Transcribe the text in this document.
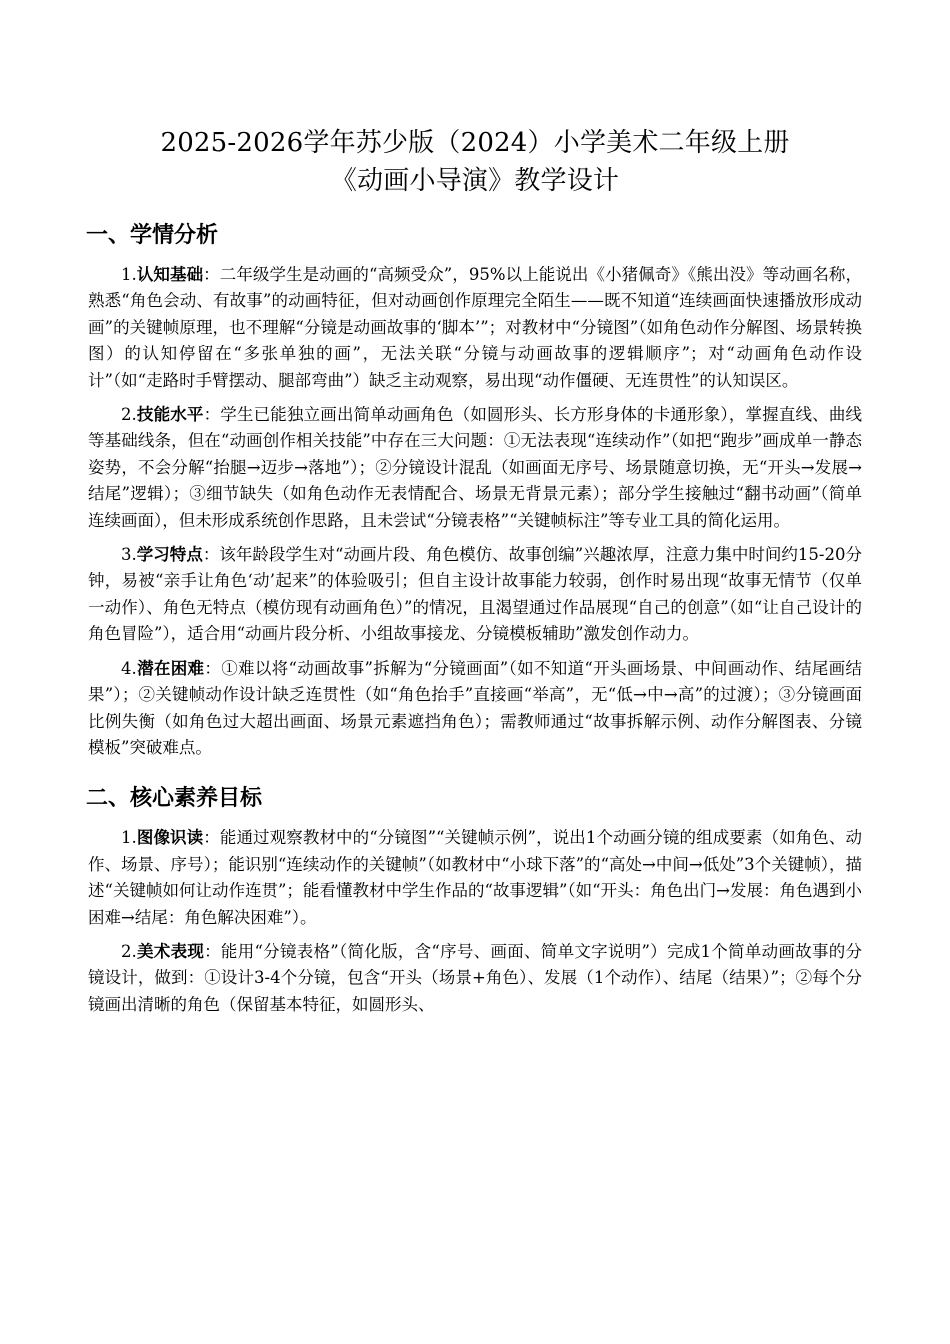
2025-2026学年苏少版（2024）小学美术二年级上册
《动画小导演》教学设计
一、学情分析

1.认知基础：二年级学生是动画的“高频受众”，95%以上能说出《小猪佩奇》《熊出没》等动画名称，熟悉“角色会动、有故事”的动画特征，但对动画创作原理完全陌生——既不知道“连续画面快速播放形成动画”的关键帧原理，也不理解“分镜是动画故事的‘脚本’”；对教材中“分镜图”（如角色动作分解图、场景转换图）的认知停留在“多张单独的画”，无法关联“分镜与动画故事的逻辑顺序”；对“动画角色动作设计”（如“走路时手臂摆动、腿部弯曲”）缺乏主动观察，易出现“动作僵硬、无连贯性”的认知误区。

2.技能水平：学生已能独立画出简单动画角色（如圆形头、长方形身体的卡通形象），掌握直线、曲线等基础线条，但在“动画创作相关技能”中存在三大问题：①无法表现“连续动作”（如把“跑步”画成单一静态姿势，不会分解“抬腿→迈步→落地”）；②分镜设计混乱（如画面无序号、场景随意切换，无“开头→发展→结尾”逻辑）；③细节缺失（如角色动作无表情配合、场景无背景元素）；部分学生接触过“翻书动画”（简单连续画面），但未形成系统创作思路，且未尝试“分镜表格”“关键帧标注”等专业工具的简化运用。

3.学习特点：该年龄段学生对“动画片段、角色模仿、故事创编”兴趣浓厚，注意力集中时间约15-20分钟，易被“亲手让角色‘动’起来”的体验吸引；但自主设计故事能力较弱，创作时易出现“故事无情节（仅单一动作）、角色无特点（模仿现有动画角色）”的情况，且渴望通过作品展现“自己的创意”（如“让自己设计的角色冒险”），适合用“动画片段分析、小组故事接龙、分镜模板辅助”激发创作动力。

4.潜在困难：①难以将“动画故事”拆解为“分镜画面”（如不知道“开头画场景、中间画动作、结尾画结果”）；②关键帧动作设计缺乏连贯性（如“角色抬手”直接画“举高”，无“低→中→高”的过渡）；③分镜画面比例失衡（如角色过大超出画面、场景元素遮挡角色）；需教师通过“故事拆解示例、动作分解图表、分镜模板”突破难点。

二、核心素养目标

1.图像识读：能通过观察教材中的“分镜图”“关键帧示例”，说出1个动画分镜的组成要素（如角色、动作、场景、序号）；能识别“连续动作的关键帧”（如教材中“小球下落”的“高处→中间→低处”3个关键帧），描述“关键帧如何让动作连贯”；能看懂教材中学生作品的“故事逻辑”（如“开头：角色出门→发展：角色遇到小困难→结尾：角色解决困难”）。

2.美术表现：能用“分镜表格”（简化版，含“序号、画面、简单文字说明”）完成1个简单动画故事的分镜设计，做到：①设计3-4个分镜，包含“开头（场景+角色）、发展（1个动作）、结尾（结果）”；②每个分镜画出清晰的角色（保留基本特征，如圆形头、
